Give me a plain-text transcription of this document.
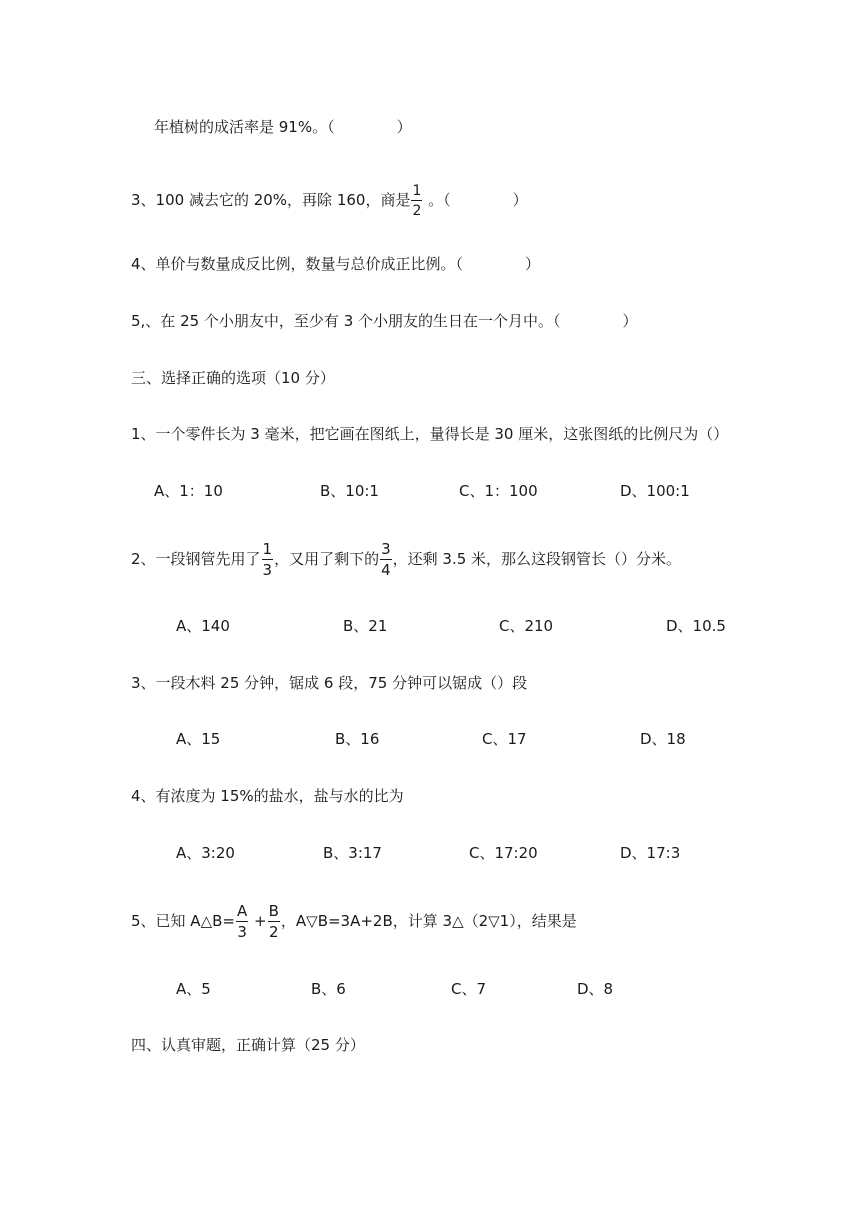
年植树的成活率是 91%。（	）
3、100 减去它的 20%，再除 160，商是 $\frac{1}{2}$ 。（	）
4、单价与数量成反比例，数量与总价成正比例。（	）
5,、在 25 个小朋友中，至少有 3 个小朋友的生日在一个月中。（	）
三、选择正确的选项（10 分）
1、一个零件长为 3 毫米，把它画在图纸上，量得长是 30 厘米，这张图纸的比例尺为（）
A、1：10	B、10:1	C、1：100	D、100:1
2、一段钢管先用了 $\frac{1}{3}$ ，又用了剩下的 $\frac{3}{4}$ ，还剩 3.5 米，那么这段钢管长（）分米。
A、140	B、21	C、210	D、10.5
3、一段木料 25 分钟，锯成 6 段，75 分钟可以锯成（）段
A、15	B、16	C、17	D、18
4、有浓度为 15%的盐水，盐与水的比为
A、3:20	B、3:17	C、17:20	D、17:3
5、已知 A△B= $\frac{A}{3} + \frac{B}{2}$ ，A▽B=3A+2B，计算 3△（2▽1），结果是
A、5	B、6	C、7	D、8
四、认真审题，正确计算（25 分）
